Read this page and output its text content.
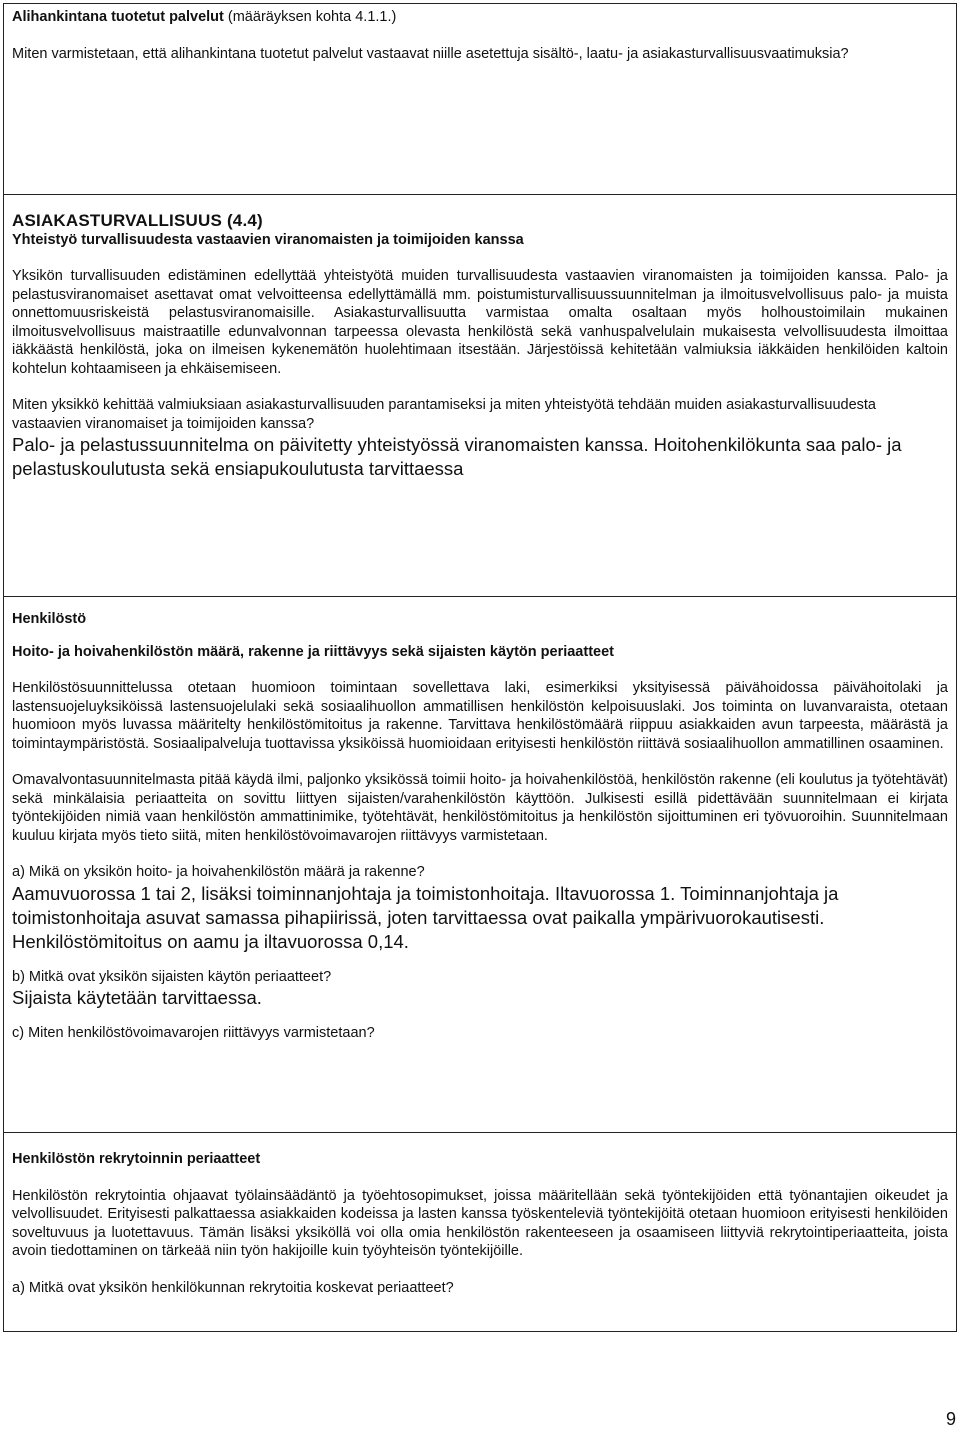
Alihankintana tuotetut palvelut (määräyksen kohta 4.1.1.)

Miten varmistetaan, että alihankintana tuotetut palvelut vastaavat niille asetettuja sisältö-, laatu- ja asiakasturvallisuusvaatimuksia?

ASIAKASTURVALLISUUS (4.4)

Yhteistyö turvallisuudesta vastaavien viranomaisten ja toimijoiden kanssa

Yksikön turvallisuuden edistäminen edellyttää yhteistyötä muiden turvallisuudesta vastaavien viranomaisten ja toimijoiden kanssa. Palo- ja pelastusviranomaiset asettavat omat velvoitteensa edellyttämällä mm. poistumisturvallisuussuunnitelman ja ilmoitusvelvollisuus palo- ja muista onnettomuusriskeistä pelastusviranomaisille. Asiakasturvallisuutta varmistaa omalta osaltaan myös holhoustoimilain mukainen ilmoitusvelvollisuus maistraatille edunvalvonnan tarpeessa olevasta henkilöstä sekä vanhuspalvelulain mukaisesta velvollisuudesta ilmoittaa iäkkäästä henkilöstä, joka on ilmeisen kykenemätön huolehtimaan itsestään. Järjestöissä kehitetään valmiuksia iäkkäiden henkilöiden kaltoin kohtelun kohtaamiseen ja ehkäisemiseen.

Miten yksikkö kehittää valmiuksiaan asiakasturvallisuuden parantamiseksi ja miten yhteistyötä tehdään muiden asiakasturvallisuudesta vastaavien viranomaiset ja toimijoiden kanssa?

Palo- ja pelastussuunnitelma on päivitetty yhteistyössä viranomaisten kanssa. Hoitohenkilökunta saa palo- ja pelastuskoulutusta sekä ensiapukoulutusta tarvittaessa

Henkilöstö

Hoito- ja hoivahenkilöstön määrä, rakenne ja riittävyys sekä sijaisten käytön periaatteet

Henkilöstösuunnittelussa otetaan huomioon toimintaan sovellettava laki, esimerkiksi yksityisessä päivähoidossa päivähoitolaki ja lastensuojeluyksiköissä lastensuojelulaki sekä sosiaalihuollon ammatillisen henkilöstön kelpoisuuslaki. Jos toiminta on luvanvaraista, otetaan huomioon myös luvassa määritelty henkilöstömitoitus ja rakenne. Tarvittava henkilöstömäärä riippuu asiakkaiden avun tarpeesta, määrästä ja toimintaympäristöstä. Sosiaalipalveluja tuottavissa yksiköissä huomioidaan erityisesti henkilöstön riittävä sosiaalihuollon ammatillinen osaaminen.

Omavalvontasuunnitelmasta pitää käydä ilmi, paljonko yksikössä toimii hoito- ja hoivahenkilöstöä, henkilöstön rakenne (eli koulutus ja työtehtävät) sekä minkälaisia periaatteita on sovittu liittyen sijaisten/varahenkilöstön käyttöön. Julkisesti esillä pidettävään suunnitelmaan ei kirjata työntekijöiden nimiä vaan henkilöstön ammattinimike, työtehtävät, henkilöstömitoitus ja henkilöstön sijoittuminen eri työvuoroihin. Suunnitelmaan kuuluu kirjata myös tieto siitä, miten henkilöstövoimavarojen riittävyys varmistetaan.

a) Mikä on yksikön hoito- ja hoivahenkilöstön määrä ja rakenne?

Aamuvuorossa 1 tai 2, lisäksi toiminnanjohtaja ja toimistonhoitaja. Iltavuorossa 1. Toiminnanjohtaja ja toimistonhoitaja asuvat samassa pihapiirissä, joten tarvittaessa ovat paikalla ympärivuorokautisesti. Henkilöstömitoitus on aamu ja iltavuorossa 0,14.

b) Mitkä ovat yksikön sijaisten käytön periaatteet?

Sijaista käytetään tarvittaessa.

c) Miten henkilöstövoimavarojen riittävyys varmistetaan?

Henkilöstön rekrytoinnin periaatteet

Henkilöstön rekrytointia ohjaavat työlainsäädäntö ja työehtosopimukset, joissa määritellään sekä työntekijöiden että työnantajien oikeudet ja velvollisuudet. Erityisesti palkattaessa asiakkaiden kodeissa ja lasten kanssa työskenteleviä työntekijöitä otetaan huomioon erityisesti henkilöiden soveltuvuus ja luotettavuus. Tämän lisäksi yksiköllä voi olla omia henkilöstön rakenteeseen ja osaamiseen liittyviä rekrytointiperiaatteita, joista avoin tiedottaminen on tärkeää niin työn hakijoille kuin työyhteisön työntekijöille.

a) Mitkä ovat yksikön henkilökunnan rekrytoitia koskevat periaatteet?

9
